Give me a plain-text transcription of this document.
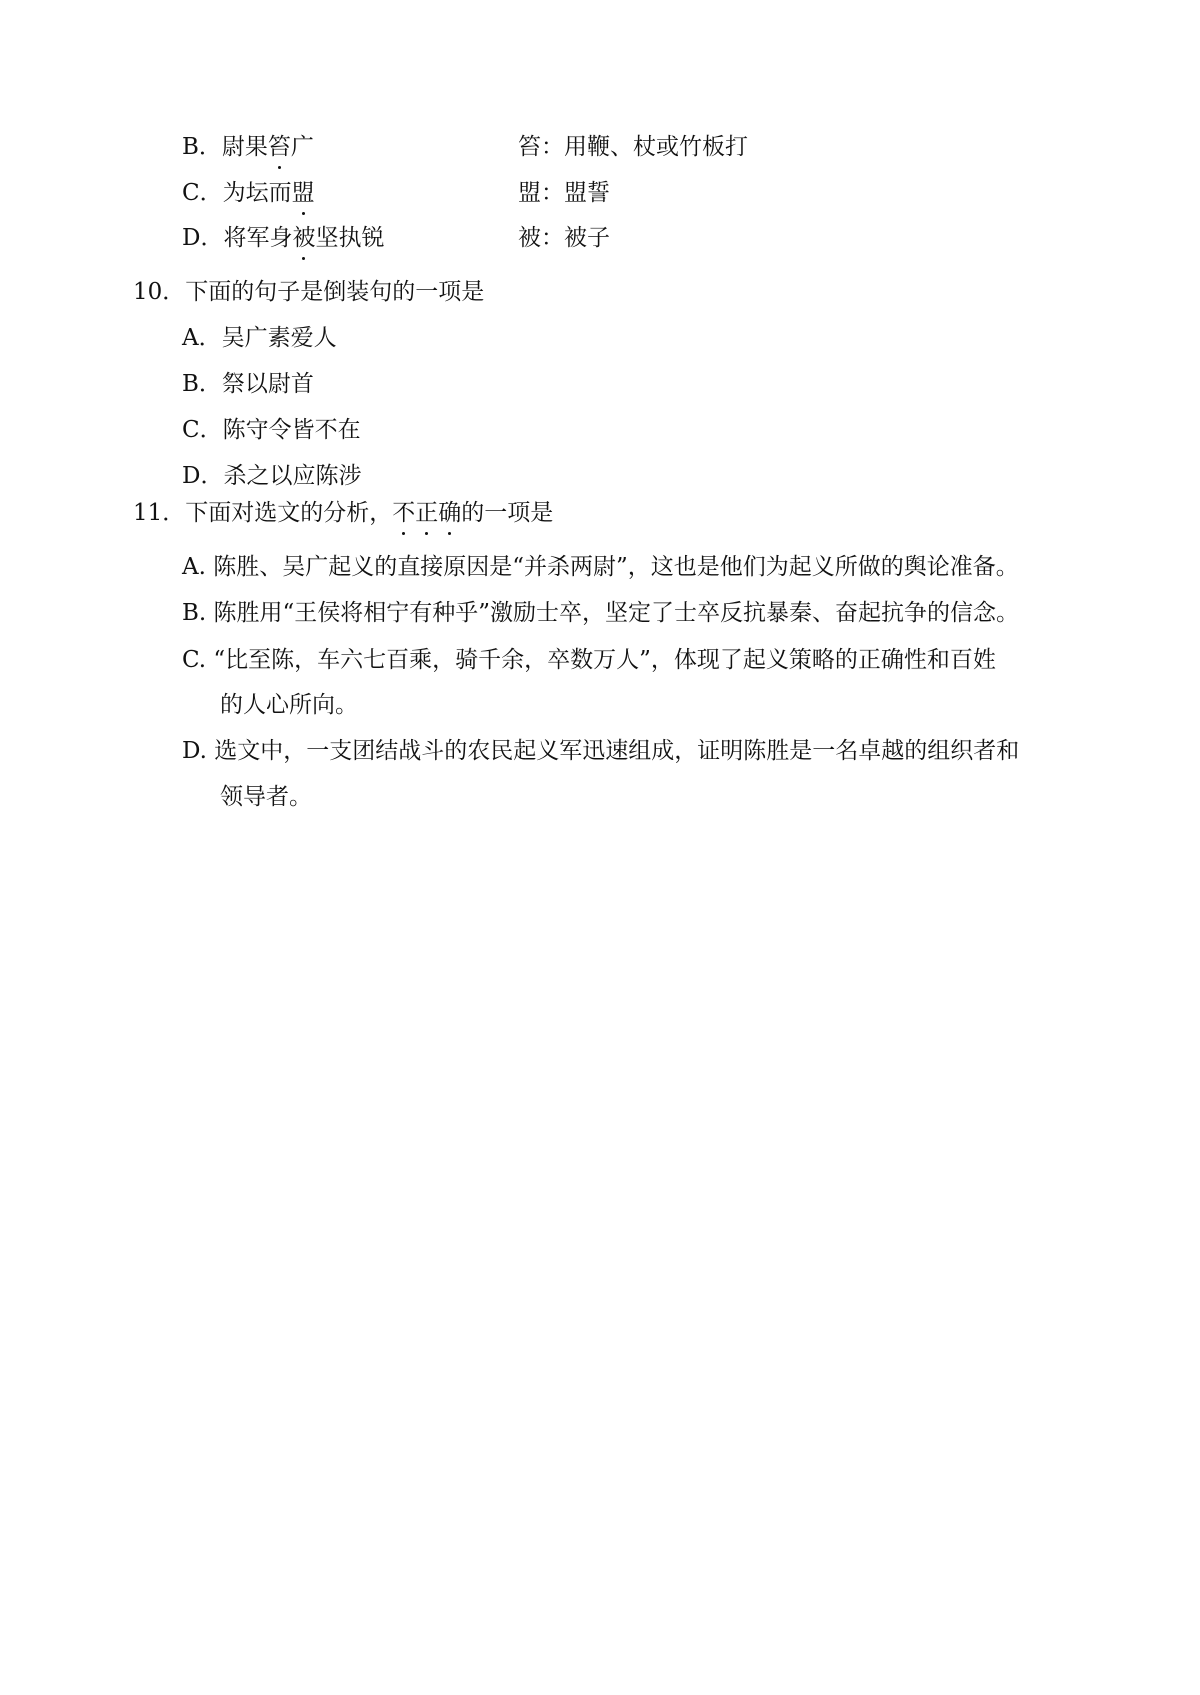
B．尉果笞广	笞：用鞭、杖或竹板打
C．为坛而盟	盟：盟誓
D．将军身被坚执锐	被：被子
10．下面的句子是倒装句的一项是
A．吴广素爱人
B．祭以尉首
C．陈守令皆不在
D．杀之以应陈涉
11．下面对选文的分析，不正确的一项是
A. 陈胜、吴广起义的直接原因是“并杀两尉”，这也是他们为起义所做的舆论准备。
B. 陈胜用“王侯将相宁有种乎”激励士卒，坚定了士卒反抗暴秦、奋起抗争的信念。
C. “比至陈，车六七百乘，骑千余，卒数万人”，体现了起义策略的正确性和百姓
的人心所向。
D. 选文中，一支团结战斗的农民起义军迅速组成，证明陈胜是一名卓越的组织者和
领导者。
